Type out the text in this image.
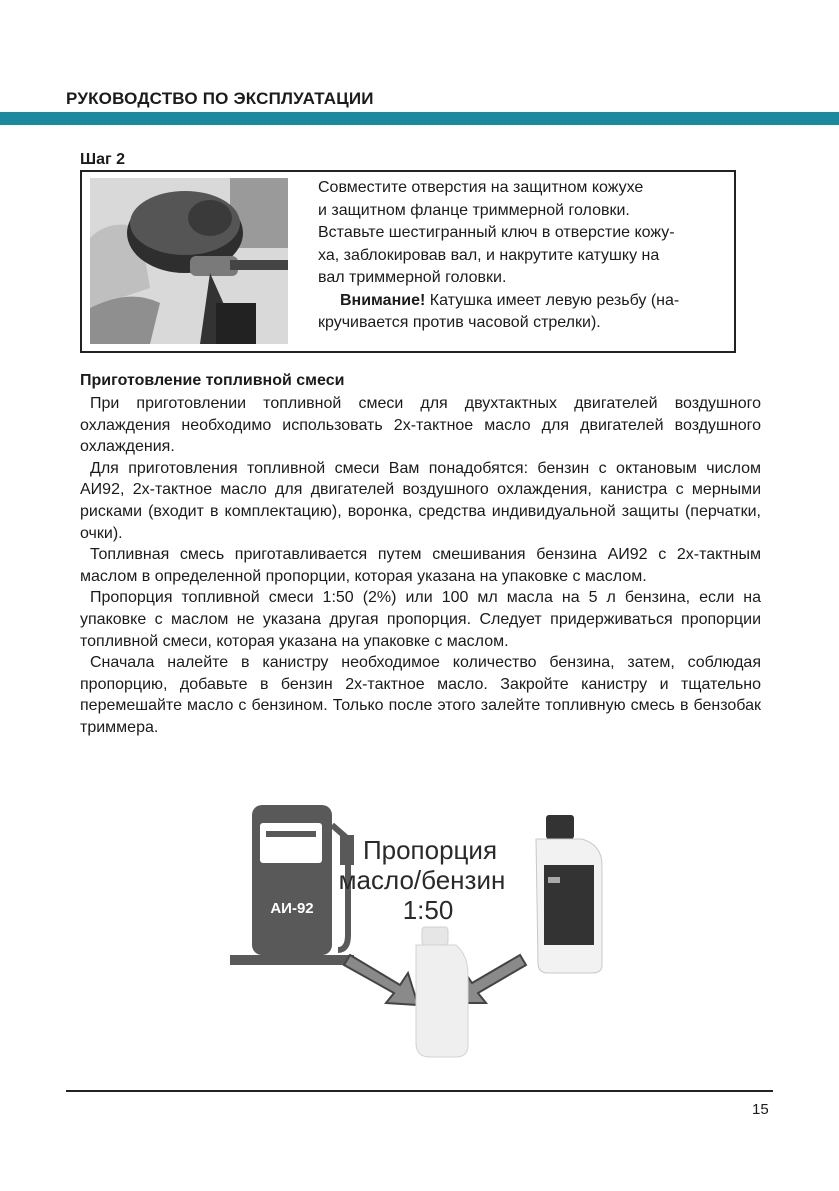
РУКОВОДСТВО ПО ЭКСПЛУАТАЦИИ
Шаг 2

Совместите отверстия на защитном кожухе

и защитном фланце триммерной головки.

Вставьте шестигранный ключ в отверстие кожу-

ха, заблокировав вал, и накрутите катушку на

вал триммерной головки.

Внимание! Катушка имеет левую резьбу (на-

кручивается против часовой стрелки).

Приготовление топливной смеси

При приготовлении топливной смеси для двухтактных двигателей воздушного охлаждения необходимо использовать 2х-тактное масло для двигателей воздушного охлаждения.

Для приготовления топливной смеси Вам понадобятся: бензин с октановым числом АИ92, 2х-тактное масло для двигателей воздушного охлаждения, канистра с мерными рисками (входит в комплектацию), воронка, средства индивидуальной защиты (перчатки, очки).

Топливная смесь приготавливается путем смешивания бензина АИ92 с 2х-тактным маслом в определенной пропорции, которая указана на упаковке с маслом.

Пропорция топливной смеси 1:50 (2%) или 100 мл масла на 5 л бензина, если на упаковке с маслом не указана другая пропорция. Следует придерживаться пропорции топливной смеси, которая указана на упаковке с маслом.

Сначала налейте в канистру необходимое количество бензина, затем, соблюдая пропорцию, добавьте в бензин 2х-тактное масло. Закройте канистру и тщательно перемешайте масло с бензином. Только после этого залейте топливную смесь в бензобак триммера.

АИ-92
Пропорция
масло/бензин
1:50
15
